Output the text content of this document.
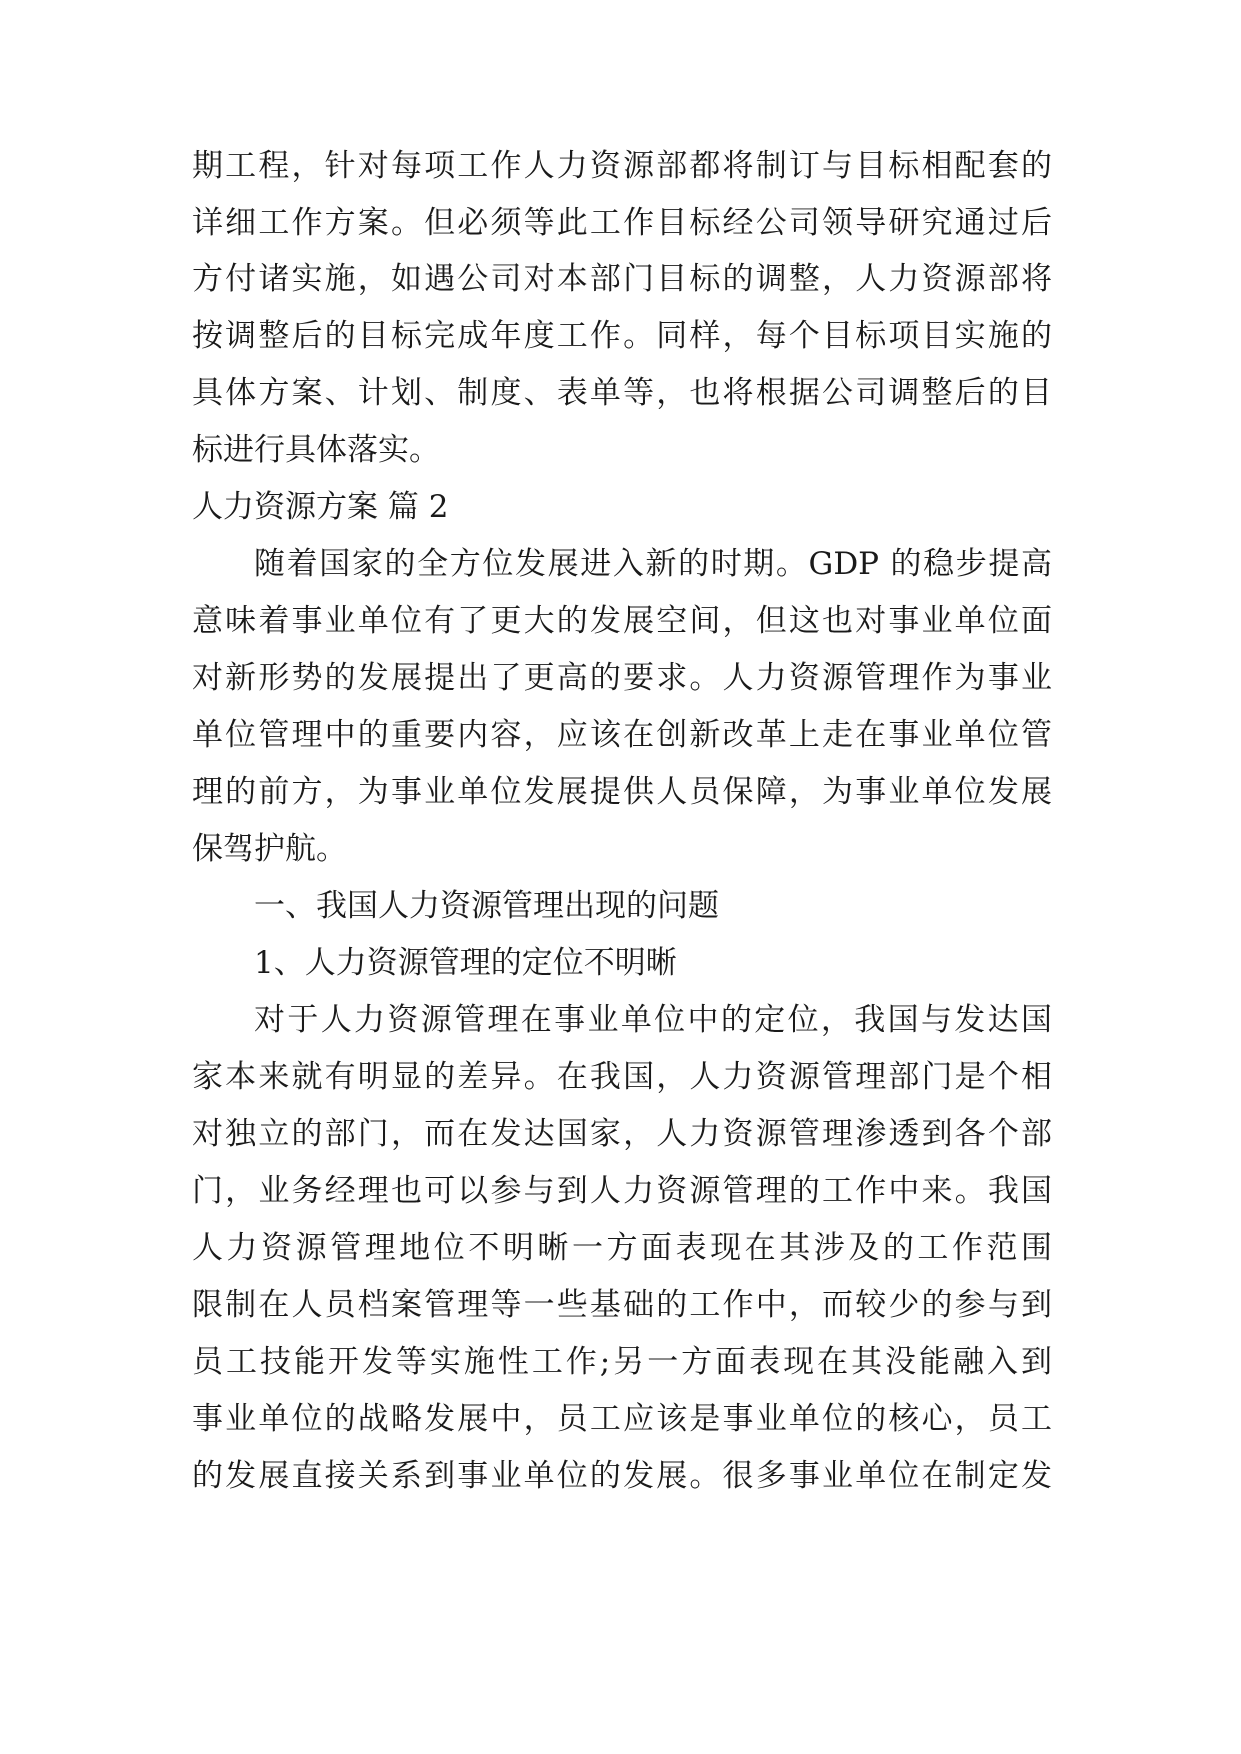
期工程，针对每项工作人力资源部都将制订与目标相配套的
详细工作方案。但必须等此工作目标经公司领导研究通过后
方付诸实施，如遇公司对本部门目标的调整，人力资源部将
按调整后的目标完成年度工作。同样，每个目标项目实施的
具体方案、计划、制度、表单等，也将根据公司调整后的目
标进行具体落实。
人力资源方案 篇 2
随着国家的全方位发展进入新的时期。GDP 的稳步提高
意味着事业单位有了更大的发展空间，但这也对事业单位面
对新形势的发展提出了更高的要求。人力资源管理作为事业
单位管理中的重要内容，应该在创新改革上走在事业单位管
理的前方，为事业单位发展提供人员保障，为事业单位发展
保驾护航。
一、我国人力资源管理出现的问题
1、人力资源管理的定位不明晰
对于人力资源管理在事业单位中的定位，我国与发达国
家本来就有明显的差异。在我国，人力资源管理部门是个相
对独立的部门，而在发达国家，人力资源管理渗透到各个部
门，业务经理也可以参与到人力资源管理的工作中来。我国
人力资源管理地位不明晰一方面表现在其涉及的工作范围
限制在人员档案管理等一些基础的工作中，而较少的参与到
员工技能开发等实施性工作;另一方面表现在其没能融入到
事业单位的战略发展中，员工应该是事业单位的核心，员工
的发展直接关系到事业单位的发展。很多事业单位在制定发
